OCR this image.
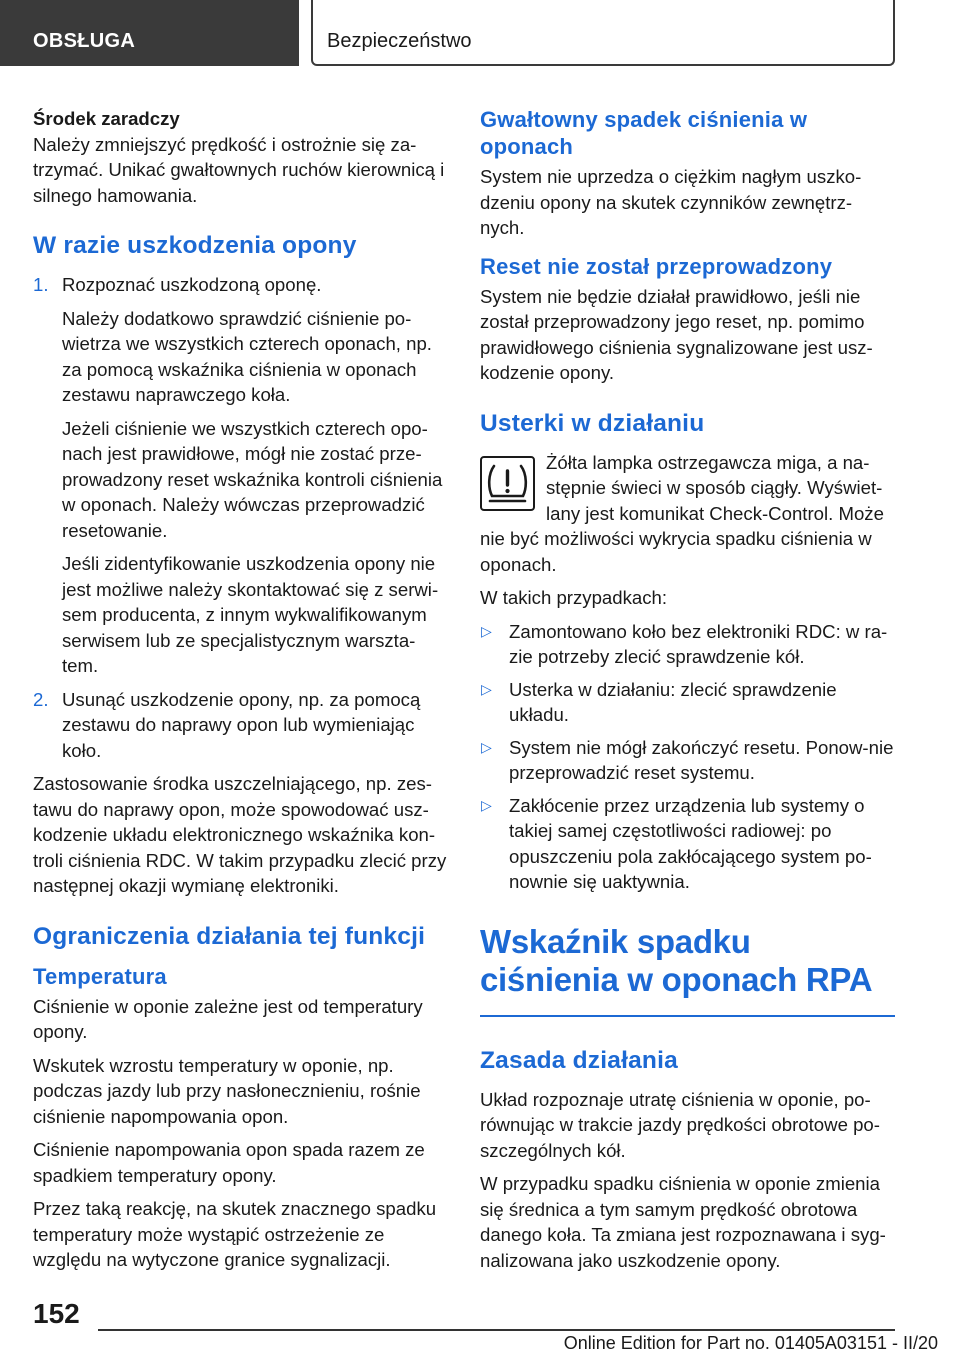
OBSŁUGA	Bezpieczeństwo
Środek zaradczy

Należy zmniejszyć prędkość i ostrożnie się za-trzymać. Unikać gwałtownych ruchów kierownicą i silnego hamowania.

W razie uszkodzenia opony
1. Rozpoznać uszkodzoną oponę.

Należy dodatkowo sprawdzić ciśnienie po-wietrza we wszystkich czterech oponach, np. za pomocą wskaźnika ciśnienia w oponach zestawu naprawczego koła.

Jeżeli ciśnienie we wszystkich czterech opo-nach jest prawidłowe, mógł nie zostać prze-prowadzony reset wskaźnika kontroli ciśnienia w oponach. Należy wówczas przeprowadzić resetowanie.

Jeśli zidentyfikowanie uszkodzenia opony nie jest możliwe należy skontaktować się z serwi-sem producenta, z innym wykwalifikowanym serwisem lub ze specjalistycznym warszta-tem.

2. Usunąć uszkodzenie opony, np. za pomocą zestawu do naprawy opon lub wymieniając koło.

Zastosowanie środka uszczelniającego, np. zes-tawu do naprawy opon, może spowodować usz-kodzenie układu elektronicznego wskaźnika kon-troli ciśnienia RDC. W takim przypadku zlecić przy następnej okazji wymianę elektroniki.

Ograniczenia działania tej funkcji
Temperatura

Ciśnienie w oponie zależne jest od temperatury opony.

Wskutek wzrostu temperatury w oponie, np. podczas jazdy lub przy nasłonecznieniu, rośnie ciśnienie napompowania opon.

Ciśnienie napompowania opon spada razem ze spadkiem temperatury opony.

Przez taką reakcję, na skutek znacznego spadku temperatury może wystąpić ostrzeżenie ze względu na wytyczone granice sygnalizacji.

Gwałtowny spadek ciśnienia w oponach

System nie uprzedza o ciężkim nagłym uszko-dzeniu opony na skutek czynników zewnętrz-nych.

Reset nie został przeprowadzony

System nie będzie działał prawidłowo, jeśli nie został przeprowadzony jego reset, np. pomimo prawidłowego ciśnienia sygnalizowane jest usz-kodzenie opony.

Usterki w działaniu

Żółta lampka ostrzegawcza miga, a na-stępnie świeci w sposób ciągły. Wyświet-lany jest komunikat Check-Control. Może nie być możliwości wykrycia spadku ciśnienia w oponach.

W takich przypadkach:

▷ Zamontowano koło bez elektroniki RDC: w ra-zie potrzeby zlecić sprawdzenie kół.
▷ Usterka w działaniu: zlecić sprawdzenie układu.
▷ System nie mógł zakończyć resetu. Ponow-nie przeprowadzić reset systemu.
▷ Zakłócenie przez urządzenia lub systemy o takiej samej częstotliwości radiowej: po opuszczeniu pola zakłócającego system po-nownie się uaktywnia.
Wskaźnik spadku ciśnienia w oponach RPA
Zasada działania

Układ rozpoznaje utratę ciśnienia w oponie, po-równując w trakcie jazdy prędkości obrotowe po-szczególnych kół.

W przypadku spadku ciśnienia w oponie zmienia się średnica a tym samym prędkość obrotowa danego koła. Ta zmiana jest rozpoznawana i syg-nalizowana jako uszkodzenie opony.

152
Online Edition for Part no. 01405A03151 - II/20
